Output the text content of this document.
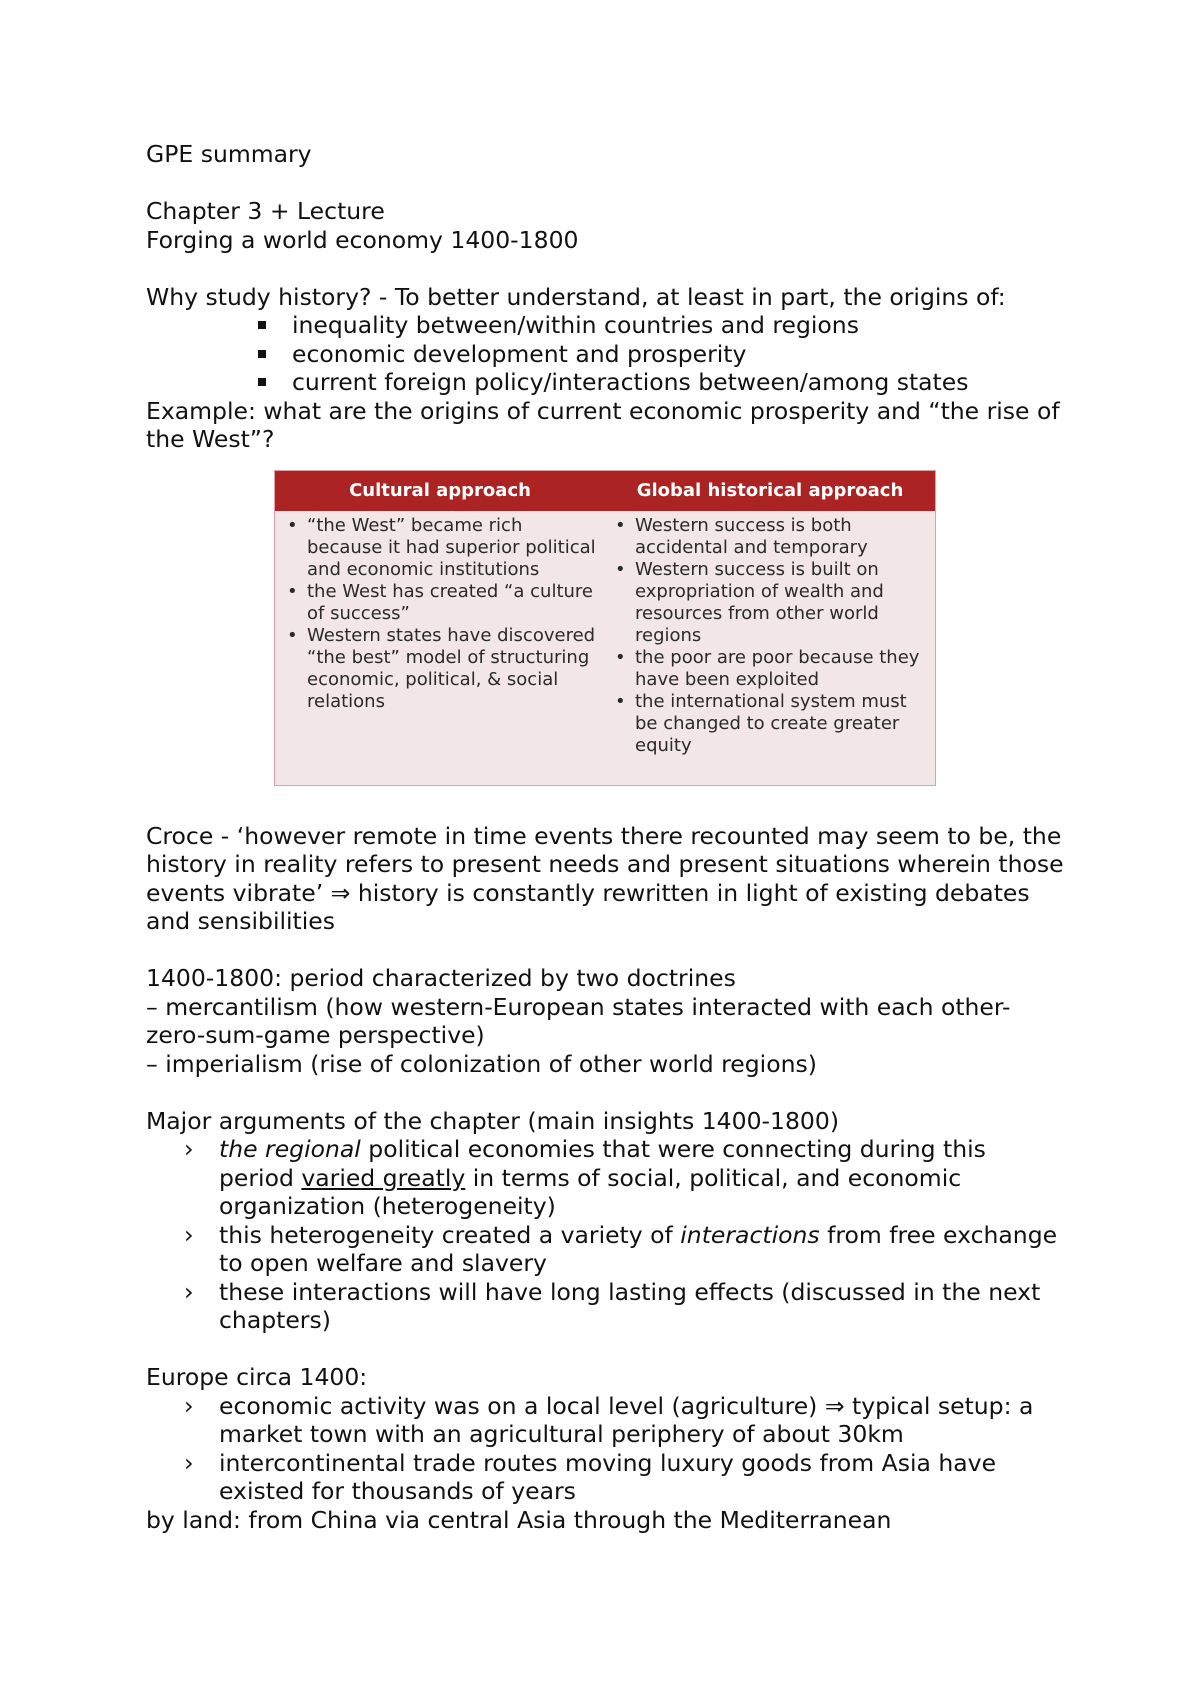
GPE summary

Chapter 3 + Lecture

Forging a world economy 1400-1800

Why study history? - To better understand, at least in part, the origins of:

inequality between/within countries and regions
economic development and prosperity
current foreign policy/interactions between/among states

Example: what are the origins of current economic prosperity and “the rise of the West”?

Cultural approach	Global historical approach
• “the West” became rich because it had superior political and economic institutions
• the West has created “a culture of success”
• Western states have discovered “the best” model of structuring economic, political, & social relations
• Western success is both accidental and temporary
• Western success is built on expropriation of wealth and resources from other world regions
• the poor are poor because they have been exploited
• the international system must be changed to create greater equity

Croce - ‘however remote in time events there recounted may seem to be, the history in reality refers to present needs and present situations wherein those events vibrate’ ⇒ history is constantly rewritten in light of existing debates and sensibilities

1400-1800: period characterized by two doctrines

– mercantilism (how western-European states interacted with each other- zero-sum-game perspective)

– imperialism (rise of colonization of other world regions)

Major arguments of the chapter (main insights 1400-1800)

› the regional political economies that were connecting during this period varied greatly in terms of social, political, and economic organization (heterogeneity)
› this heterogeneity created a variety of interactions from free exchange to open welfare and slavery
› these interactions will have long lasting effects (discussed in the next chapters)

Europe circa 1400:

› economic activity was on a local level (agriculture) ⇒ typical setup: a market town with an agricultural periphery of about 30km
› intercontinental trade routes moving luxury goods from Asia have existed for thousands of years

by land: from China via central Asia through the Mediterranean
